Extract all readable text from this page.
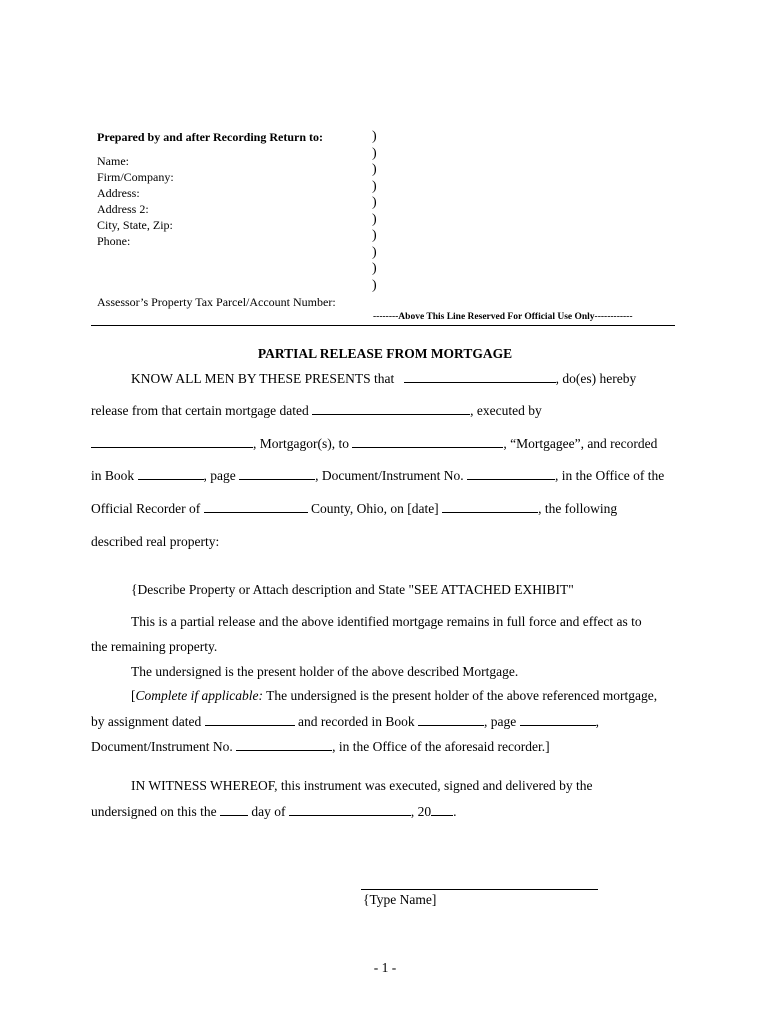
Prepared by and after Recording Return to:
Name:
Firm/Company:
Address:
Address 2:
City, State, Zip:
Phone:
Assessor’s Property Tax Parcel/Account Number:
)
)
)
)
)
)
)
)
)
)
--------Above This Line Reserved For Official Use Only------------
PARTIAL RELEASE FROM MORTGAGE
KNOW ALL MEN BY THESE PRESENTS that	, do(es) hereby
release from that certain mortgage dated	, executed by
, Mortgagor(s), to	, “Mortgagee”, and recorded
in Book	, page	, Document/Instrument No.	, in the Office of the
Official Recorder of	County, Ohio, on [date]	, the following
described real property:
{Describe Property or Attach description and State "SEE ATTACHED EXHIBIT"
This is a partial release and the above identified mortgage remains in full force and effect as to
the remaining property.
The undersigned is the present holder of the above described Mortgage.
[Complete if applicable: The undersigned is the present holder of the above referenced mortgage,
by assignment dated	and recorded in Book	, page	,
Document/Instrument No.	, in the Office of the aforesaid recorder.]
IN WITNESS WHEREOF, this instrument was executed, signed and delivered by the
undersigned on this the	day of	, 20 .
{Type Name]
- 1 -
